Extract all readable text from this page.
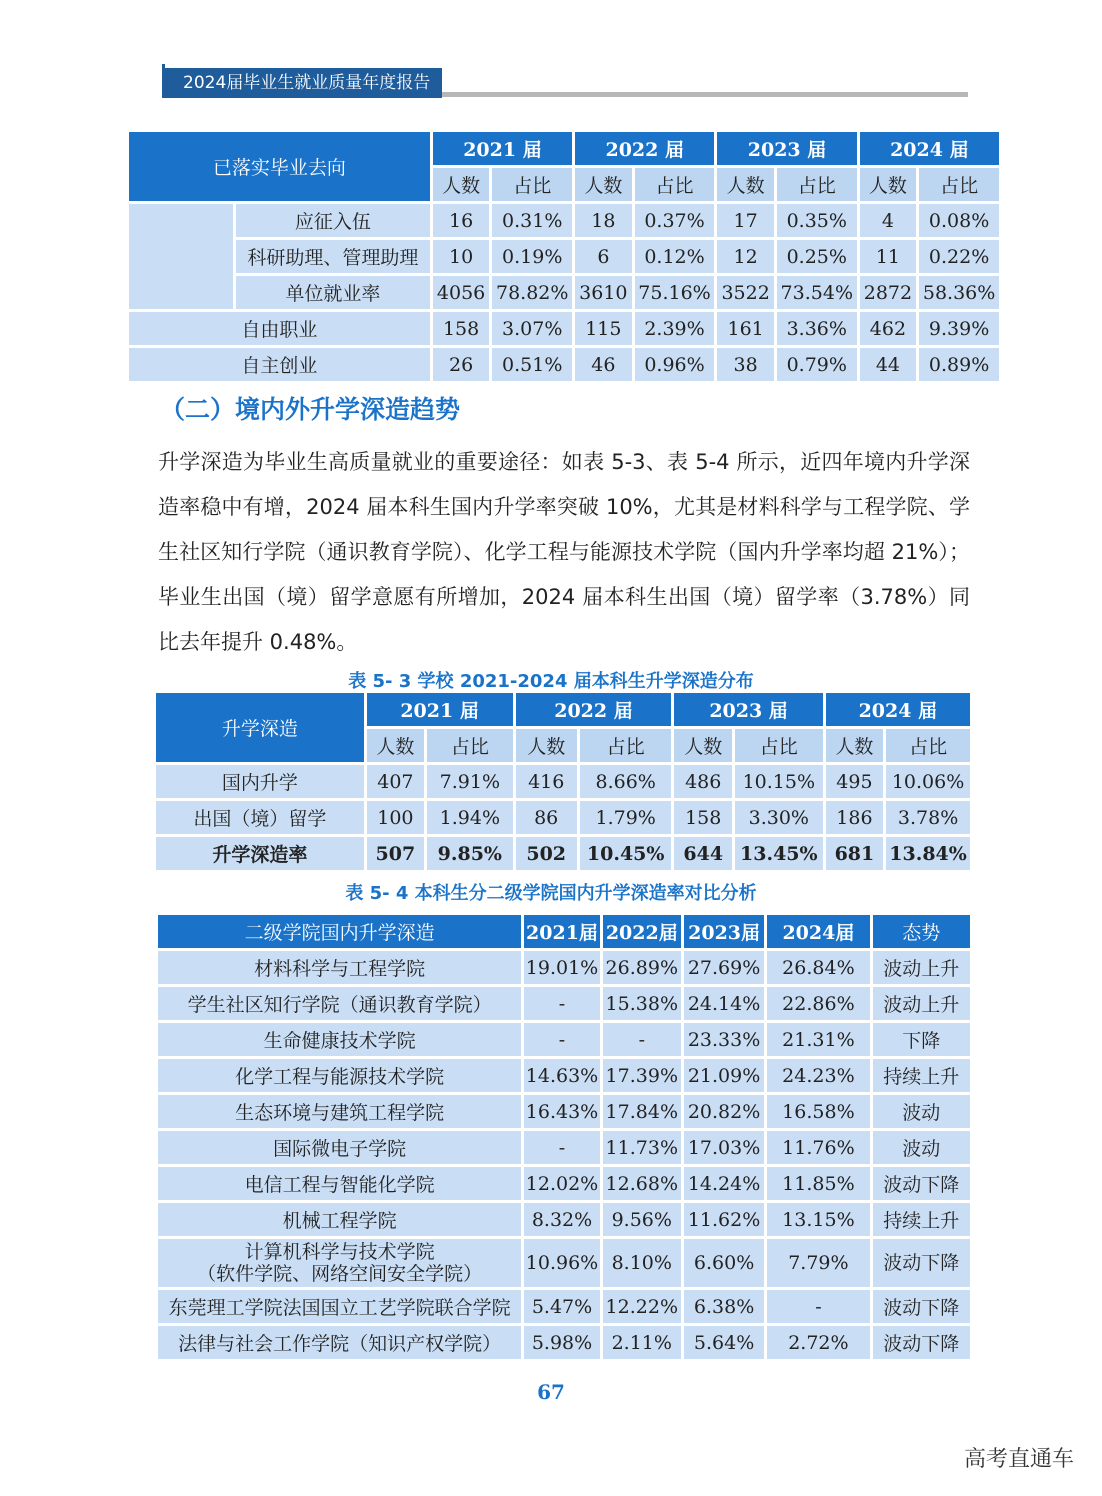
2024届毕业生就业质量年度报告
已落实毕业去向		2021 届		2022 届		2023 届		2024 届	
		人数	占比	人数	占比	人数	占比	人数	占比
	应征入伍	16	0.31%	18	0.37%	17	0.35%	4	0.08%
	科研助理、管理助理	10	0.19%	6	0.12%	12	0.25%	11	0.22%
	单位就业率	4056	78.82%	3610	75.16%	3522	73.54%	2872	58.36%
自由职业		158	3.07%	115	2.39%	161	3.36%	462	9.39%
自主创业		26	0.51%	46	0.96%	38	0.79%	44	0.89%
（二）境内外升学深造趋势
升学深造为毕业生高质量就业的重要途径：如表 5-3、表 5-4 所示，近四年境内升学深造率稳中有增，2024 届本科生国内升学率突破 10%，尤其是材料科学与工程学院、学生社区知行学院（通识教育学院）、化学工程与能源技术学院（国内升学率均超 21%）；毕业生出国（境）留学意愿有所增加，2024 届本科生出国（境）留学率（3.78%）同比去年提升 0.48%。
表 5- 3 学校 2021-2024 届本科生升学深造分布
升学深造	2021 届		2022 届		2023 届		2024 届	
	人数	占比	人数	占比	人数	占比	人数	占比
国内升学	407	7.91%	416	8.66%	486	10.15%	495	10.06%
出国（境）留学	100	1.94%	86	1.79%	158	3.30%	186	3.78%
升学深造率	507	9.85%	502	10.45%	644	13.45%	681	13.84%
表 5- 4 本科生分二级学院国内升学深造率对比分析
二级学院国内升学深造	2021届	2022届	2023届	2024届	态势

材料科学与工程学院	19.01%	26.89%	27.69%	26.84%	波动上升

学生社区知行学院（通识教育学院）	-	15.38%	24.14%	22.86%	波动上升

生命健康技术学院	-	-	23.33%	21.31%	下降

化学工程与能源技术学院	14.63%	17.39%	21.09%	24.23%	持续上升

生态环境与建筑工程学院	16.43%	17.84%	20.82%	16.58%	波动

国际微电子学院	-	11.73%	17.03%	11.76%	波动

电信工程与智能化学院	12.02%	12.68%	14.24%	11.85%	波动下降

机械工程学院	8.32%	9.56%	11.62%	13.15%	持续上升

计算机科学与技术学院
（软件学院、网络空间安全学院）	10.96%	8.10%	6.60%	7.79%	波动下降

东莞理工学院法国国立工艺学院联合学院	5.47%	12.22%	6.38%	-	波动下降

法律与社会工作学院（知识产权学院）	5.98%	2.11%	5.64%	2.72%	波动下降
67
高考直通车
